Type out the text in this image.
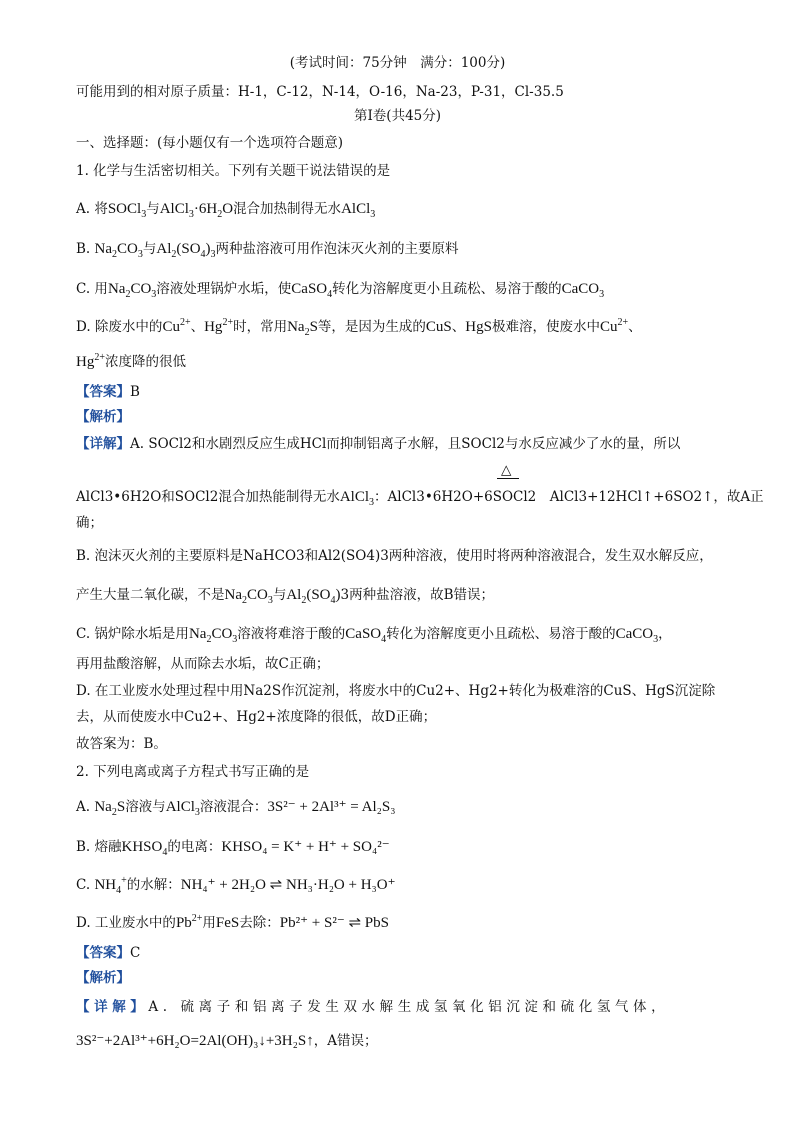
(考试时间：75分钟　满分：100分)
可能用到的相对原子质量：H-1，C-12，N-14，O-16，Na-23，P-31，Cl-35.5
第Ⅰ卷(共45分)
一、选择题：(每小题仅有一个选项符合题意)
1. 化学与生活密切相关。下列有关题干说法错误的是
A. 将SOCl$_3$与$AlCl_3\cdot 6H_2O$混合加热制得无水AlCl$_3$
B. $Na_2CO_3$与$Al_2(SO_4)_3$两种盐溶液可用作泡沫灭火剂的主要原料
C. 用$Na_2CO_3$溶液处理锅炉水垢，使CaSO$_4$转化为溶解度更小且疏松、易溶于酸的CaCO$_3$
D. 除废水中的$Cu^{2+}$、$Hg^{2+}$时，常用$Na_2S$等，是因为生成的CuS、HgS极难溶，使废水中$Cu^{2+}$、
$Hg^{2+}$浓度降的很低
【答案】B
【解析】
【详解】A. SOCl2和水剧烈反应生成HCl而抑制铝离子水解，且SOCl2与水反应减少了水的量，所以
△
AlCl3•6H2O和SOCl2混合加热能制得无水AlCl$_3$：AlCl3•6H2O+6SOCl2　AlCl3+12HCl↑+6SO2↑，故A正
确；
B. 泡沫灭火剂的主要原料是NaHCO3和Al2(SO4)3两种溶液，使用时将两种溶液混合，发生双水解反应，
产生大量二氧化碳，不是$Na_2CO_3$与$Al_2(SO_4)3$两种盐溶液，故B错误；
C. 锅炉除水垢是用$Na_2CO_3$溶液将难溶于酸的CaSO$_4$转化为溶解度更小且疏松、易溶于酸的CaCO$_3$，
再用盐酸溶解，从而除去水垢，故C正确；
D. 在工业废水处理过程中用Na2S作沉淀剂，将废水中的Cu2+、Hg2+转化为极难溶的CuS、HgS沉淀除
去，从而使废水中Cu2+、Hg2+浓度降的很低，故D正确；
故答案为：B。
2. 下列电离或离子方程式书写正确的是
A. $Na_2S$溶液与AlCl$_3$溶液混合：3S²⁻ + 2Al³⁺ = Al₂S₃
B. 熔融$KHSO_4$的电离：KHSO₄ = K⁺ + H⁺ + SO₄²⁻
C. $NH_4^+$的水解：NH₄⁺ + 2H₂O ⇌ NH₃·H₂O + H₃O⁺
D. 工业废水中的$Pb^{2+}$用FeS去除：Pb²⁺ + S²⁻ ⇌ PbS
【答案】C
【解析】
【详解】A. 硫离子和铝离子发生双水解生成氢氧化铝沉淀和硫化氢气体，
3S²⁻+2Al³⁺+6H₂O=2Al(OH)₃↓+3H₂S↑，A错误；
